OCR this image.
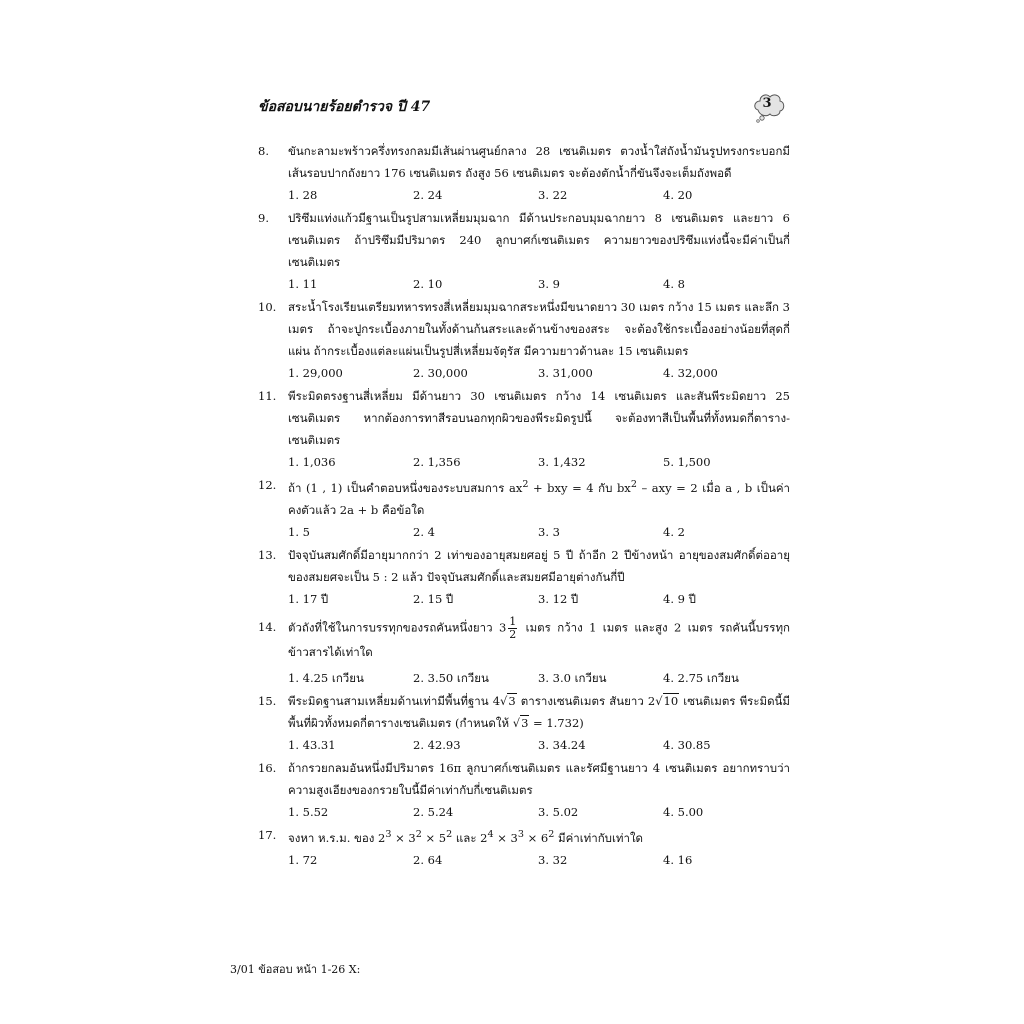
ข้อสอบนายร้อยตำรวจ ปี 47	3
8.	ขันกะลามะพร้าวครึ่งทรงกลมมีเส้นผ่านศูนย์กลาง 28 เซนติเมตร ตวงน้ำใส่ถังน้ำมันรูปทรงกระบอกมีเส้นรอบปากถังยาว 176 เซนติเมตร ถังสูง 56 เซนติเมตร จะต้องตักน้ำกี่ขันจึงจะเต็มถังพอดี
1. 28	2. 24	3. 22	4. 20
9.	ปริซึมแท่งแก้วมีฐานเป็นรูปสามเหลี่ยมมุมฉาก มีด้านประกอบมุมฉากยาว 8 เซนติเมตร และยาว 6 เซนติเมตร ถ้าปริซึมมีปริมาตร 240 ลูกบาศก์เซนติเมตร ความยาวของปริซึมแท่งนี้จะมีค่าเป็นกี่เซนติเมตร
1. 11	2. 10	3. 9	4. 8
10.	สระน้ำโรงเรียนเตรียมทหารทรงสี่เหลี่ยมมุมฉากสระหนึ่งมีขนาดยาว 30 เมตร กว้าง 15 เมตร และลึก 3 เมตร ถ้าจะปูกระเบื้องภายในทั้งด้านก้นสระและด้านข้างของสระ จะต้องใช้กระเบื้องอย่างน้อยที่สุดกี่แผ่น ถ้ากระเบื้องแต่ละแผ่นเป็นรูปสี่เหลี่ยมจัตุรัส มีความยาวด้านละ 15 เซนติเมตร
1. 29,000	2. 30,000	3. 31,000	4. 32,000
11.	พีระมิดตรงฐานสี่เหลี่ยม มีด้านยาว 30 เซนติเมตร กว้าง 14 เซนติเมตร และสันพีระมิดยาว 25 เซนติเมตร หากต้องการทาสีรอบนอกทุกผิวของพีระมิดรูปนี้ จะต้องทาสีเป็นพื้นที่ทั้งหมดกี่ตาราง-เซนติเมตร
1. 1,036	2. 1,356	3. 1,432	5. 1,500
12.	ถ้า (1 , 1) เป็นคำตอบหนึ่งของระบบสมการ $ax^2$ + bxy = 4 กับ $bx^2$ – axy = 2 เมื่อ a , b เป็นค่าคงตัวแล้ว 2a + b คือข้อใด
1. 5	2. 4	3. 3	4. 2
13.	ปัจจุบันสมศักดิ์มีอายุมากกว่า 2 เท่าของอายุสมยศอยู่ 5 ปี ถ้าอีก 2 ปีข้างหน้า อายุของสมศักดิ์ต่ออายุของสมยศจะเป็น 5 : 2 แล้ว ปัจจุบันสมศักดิ์และสมยศมีอายุต่างกันกี่ปี
1. 17 ปี	2. 15 ปี	3. 12 ปี	4. 9 ปี
14.	ตัวถังที่ใช้ในการบรรทุกของรถคันหนึ่งยาว $3 \frac{1}{2}$ เมตร กว้าง 1 เมตร และสูง 2 เมตร รถคันนี้บรรทุกข้าวสารได้เท่าใด
1. 4.25 เกวียน	2. 3.50 เกวียน	3. 3.0 เกวียน	4. 2.75 เกวียน
15.	พีระมิดฐานสามเหลี่ยมด้านเท่ามีพื้นที่ฐาน 4√3 ตารางเซนติเมตร สันยาว 2√10 เซนติเมตร พีระมิดนี้มีพื้นที่ผิวทั้งหมดกี่ตารางเซนติเมตร (กำหนดให้ √3 = 1.732)
1. 43.31	2. 42.93	3. 34.24	4. 30.85
16.	ถ้ากรวยกลมอันหนึ่งมีปริมาตร 16π ลูกบาศก์เซนติเมตร และรัศมีฐานยาว 4 เซนติเมตร อยากทราบว่าความสูงเอียงของกรวยใบนี้มีค่าเท่ากับกี่เซนติเมตร
1. 5.52	2. 5.24	3. 5.02	4. 5.00
17.	จงหา ห.ร.ม. ของ $2^3 \times 3^2 \times 5^2$ และ $2^4 \times 3^3 \times 6^2$ มีค่าเท่ากับเท่าใด
1. 72	2. 64	3. 32	4. 16
3/01 ข้อสอบ หน้า 1-26 X:
